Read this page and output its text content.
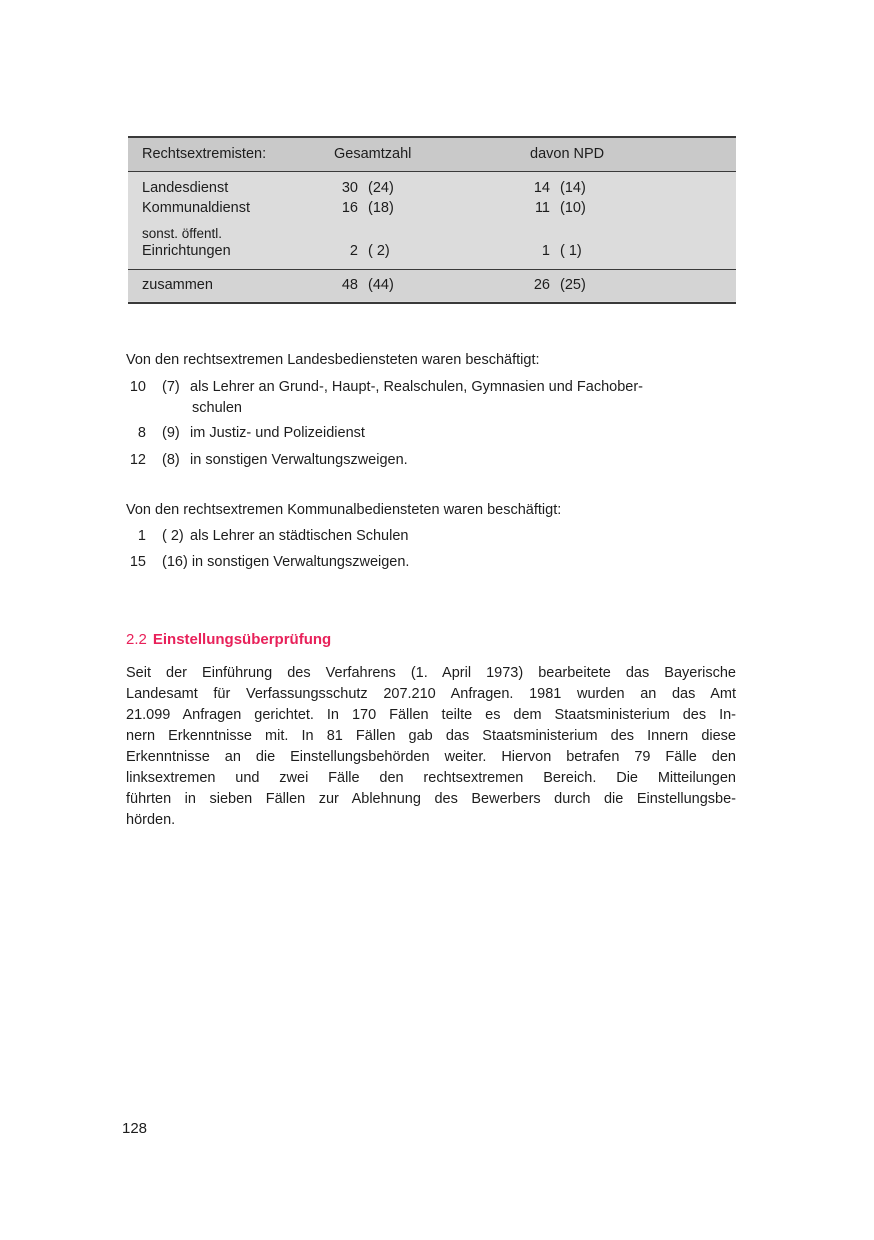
Rechtsextremisten:	Gesamtzahl	davon NPD
Landesdienst	30 (24)	14 (14)
Kommunaldienst	16 (18)	11 (10)
sonst. öffentl.
Einrichtungen	2 ( 2)	1 ( 1)
zusammen	48 (44)	26 (25)
Von den rechtsextremen Landesbediensteten waren beschäftigt:
10 (7) als Lehrer an Grund-, Haupt-, Realschulen, Gymnasien und Fachober-
schulen
8 (9) im Justiz- und Polizeidienst
12 (8) in sonstigen Verwaltungszweigen.
Von den rechtsextremen Kommunalbediensteten waren beschäftigt:
1 ( 2) als Lehrer an städtischen Schulen
15 (16) in sonstigen Verwaltungszweigen.
2.2 Einstellungsüberprüfung
Seit der Einführung des Verfahrens (1. April 1973) bearbeitete das Bayerische
Landesamt für Verfassungsschutz 207.210 Anfragen. 1981 wurden an das Amt
21.099 Anfragen gerichtet. In 170 Fällen teilte es dem Staatsministerium des In-
nern Erkenntnisse mit. In 81 Fällen gab das Staatsministerium des Innern diese
Erkenntnisse an die Einstellungsbehörden weiter. Hiervon betrafen 79 Fälle den
linksextremen und zwei Fälle den rechtsextremen Bereich. Die Mitteilungen
führten in sieben Fällen zur Ablehnung des Bewerbers durch die Einstellungsbe-
hörden.
128
